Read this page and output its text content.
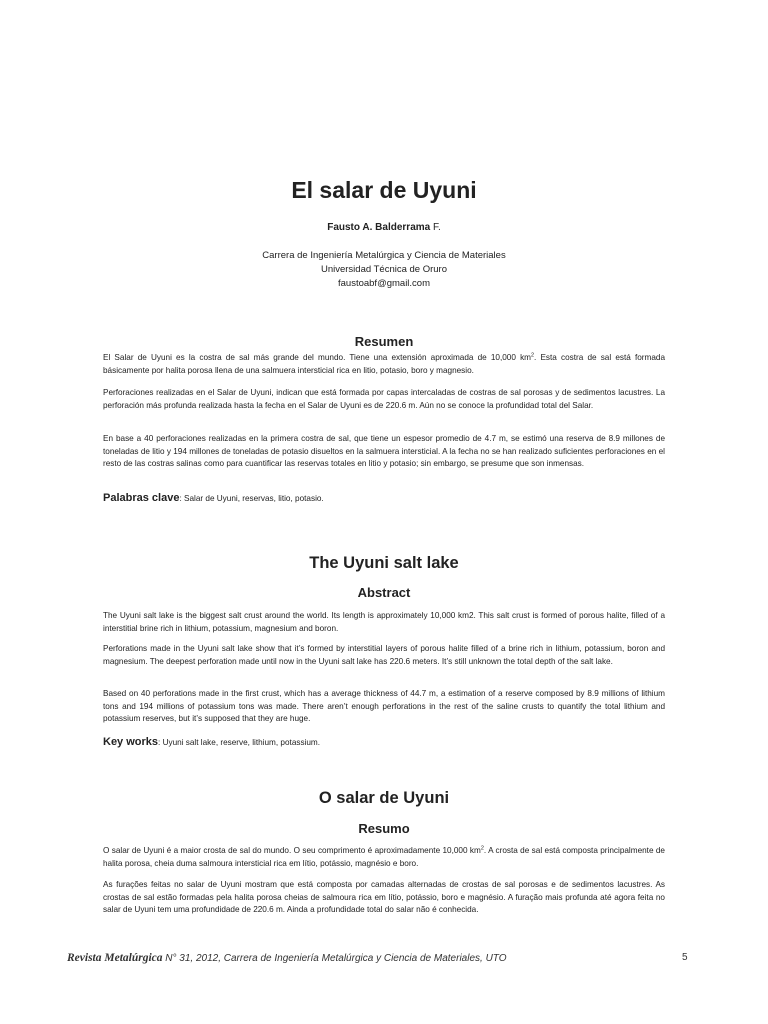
El salar de Uyuni
Fausto A. Balderrama F.
Carrera de Ingeniería Metalúrgica y Ciencia de Materiales
Universidad Técnica de Oruro
faustoabf@gmail.com
Resumen

El Salar de Uyuni es la costra de sal más grande del mundo. Tiene una extensión aproximada de 10,000 $km^2$. Esta costra de sal está formada básicamente por halita porosa llena de una salmuera intersticial rica en litio, potasio, boro y magnesio.

Perforaciones realizadas en el Salar de Uyuni, indican que está formada por capas intercaladas de costras de sal porosas y de sedimentos lacustres. La perforación más profunda realizada hasta la fecha en el Salar de Uyuni es de 220.6 m. Aún no se conoce la profundidad total del Salar.

En base a 40 perforaciones realizadas en la primera costra de sal, que tiene un espesor promedio de 4.7 m, se estimó una reserva de 8.9 millones de toneladas de litio y 194 millones de toneladas de potasio disueltos en la salmuera intersticial. A la fecha no se han realizado suficientes perforaciones en el resto de las costras salinas como para cuantificar las reservas totales en litio y potasio; sin embargo, se presume que son inmensas.

Palabras clave: Salar de Uyuni, reservas, litio, potasio.
The Uyuni salt lake
Abstract

The Uyuni salt lake is the biggest salt crust around the world. Its length is approximately 10,000 km2. This salt crust is formed of porous halite, filled of a interstitial brine rich in lithium, potassium, magnesium and boron.

Perforations made in the Uyuni salt lake show that it’s formed by interstitial layers of porous halite filled of a brine rich in lithium, potassium, boron and magnesium. The deepest perforation made until now in the Uyuni salt lake has 220.6 meters. It’s still unknown the total depth of the salt lake.

Based on 40 perforations made in the first crust, which has a average thickness of 44.7 m, a estimation of a reserve composed by 8.9 millions of lithium tons and 194 millions of potassium tons was made. There aren’t enough perforations in the rest of the saline crusts to quantify the total lithium and potassium reserves, but it’s supposed that they are huge.

Key works: Uyuni salt lake, reserve, lithium, potassium.
O salar de Uyuni
Resumo

O salar de Uyuni é a maior crosta de sal do mundo. O seu comprimento é aproximadamente 10,000 $km^2$. A crosta de sal está composta principalmente de halita porosa, cheia duma salmoura intersticial rica em lítio, potássio, magnésio e boro.

As furações feitas no salar de Uyuni mostram que está composta por camadas alternadas de crostas de sal porosas e de sedimentos lacustres. As crostas de sal estão formadas pela halita porosa cheias de salmoura rica em lítio, potássio, boro e magnésio. A furação mais profunda até agora feita no salar de Uyuni tem uma profundidade de 220.6 m. Ainda a profundidade total do salar não é conhecida.

Revista Metalúrgica N° 31, 2012, Carrera de Ingeniería Metalúrgica y Ciencia de Materiales, UTO	5
